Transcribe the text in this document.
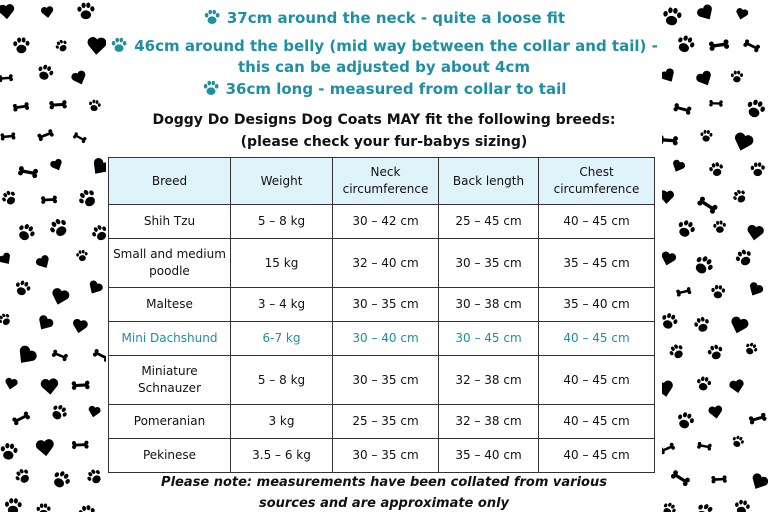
37cm around the neck - quite a loose fit
46cm around the belly (mid way between the collar and tail) -
this can be adjusted by about 4cm
36cm long - measured from collar to tail
Doggy Do Designs Dog Coats MAY fit the following breeds:
(please check your fur-babys sizing)
Breed	Weight	Neck circumference	Back length	Chest circumference
Shih Tzu	5 – 8 kg	30 – 42 cm	25 – 45 cm	40 – 45 cm
Small and medium poodle	15 kg	32 – 40 cm	30 – 35 cm	35 – 45 cm
Maltese	3 – 4 kg	30 – 35 cm	30 – 38 cm	35 – 40 cm
Mini Dachshund	6-7 kg	30 – 40 cm	30 – 45 cm	40 – 45 cm
Miniature Schnauzer	5 – 8 kg	30 – 35 cm	32 – 38 cm	40 – 45 cm
Pomeranian	3 kg	25 – 35 cm	32 – 38 cm	40 – 45 cm
Pekinese	3.5 – 6 kg	30 – 35 cm	35 – 40 cm	40 – 45 cm
Please note: measurements have been collated from various
sources and are approximate only
